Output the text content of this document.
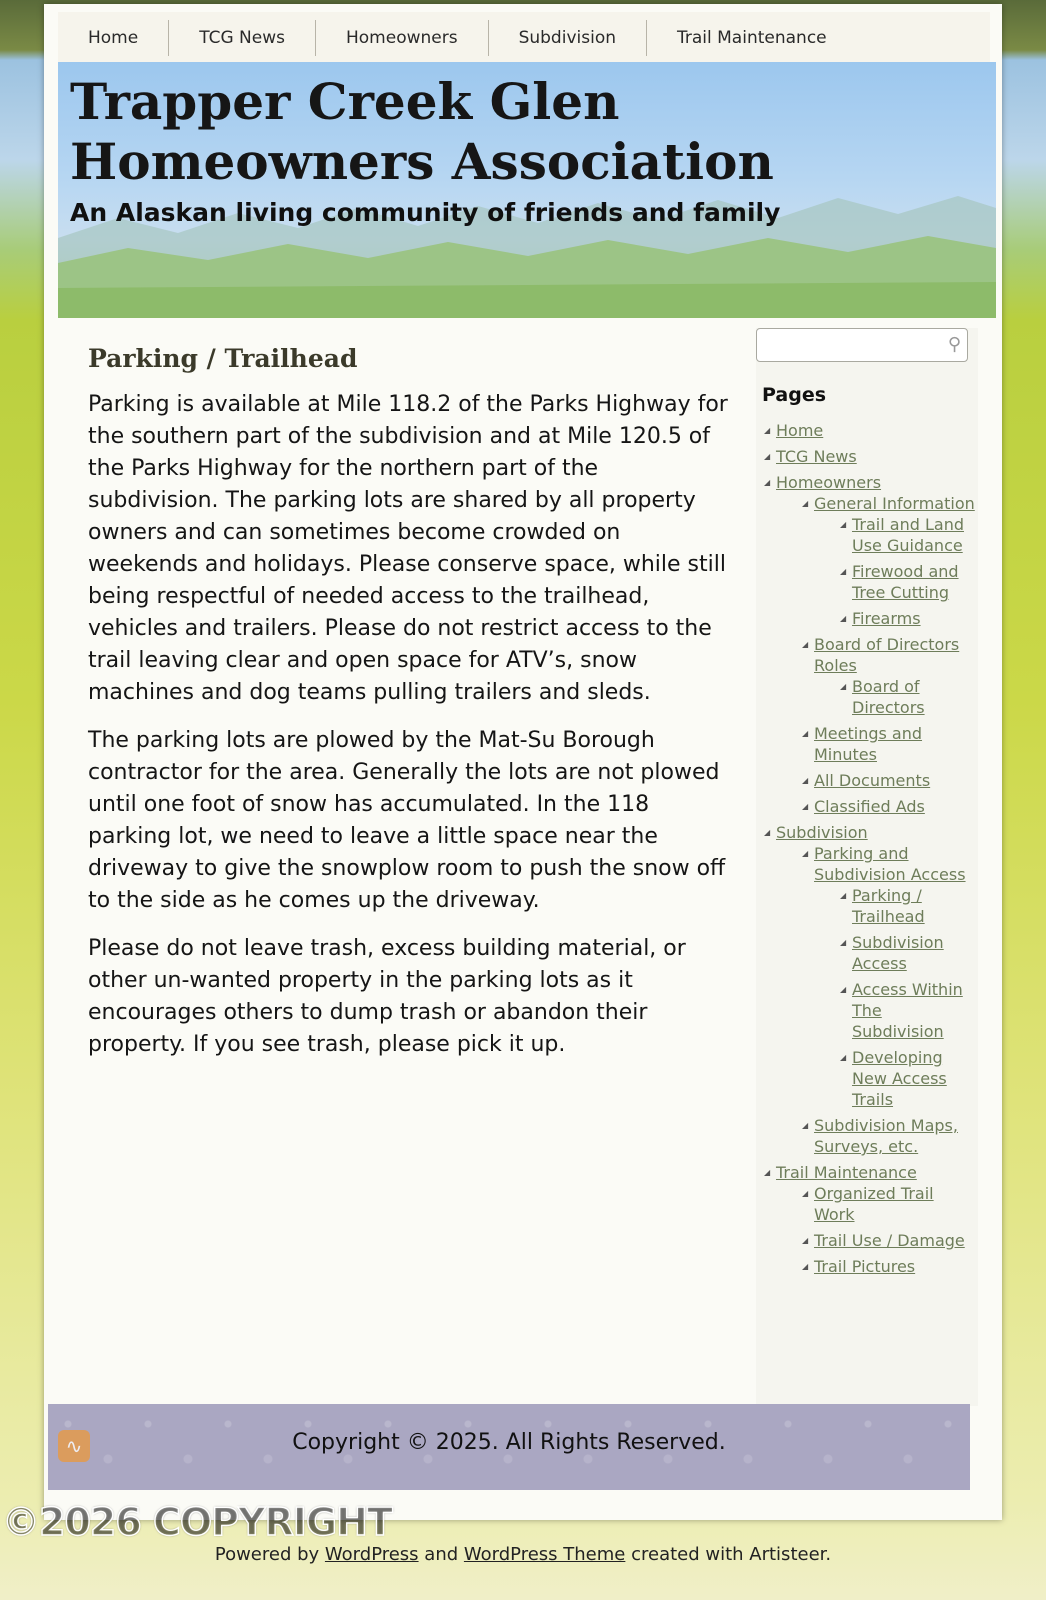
Home	TCG News	Homeowners	Subdivision	Trail Maintenance
Trapper Creek Glen Homeowners Association

An Alaskan living community of friends and family

Parking / Trailhead

Parking is available at Mile 118.2 of the Parks Highway for the southern part of the subdivision and at Mile 120.5 of the Parks Highway for the northern part of the subdivision. The parking lots are shared by all property owners and can sometimes become crowded on weekends and holidays. Please conserve space, while still being respectful of needed access to the trailhead, vehicles and trailers. Please do not restrict access to the trail leaving clear and open space for ATV’s, snow machines and dog teams pulling trailers and sleds.

The parking lots are plowed by the Mat-Su Borough contractor for the area. Generally the lots are not plowed until one foot of snow has accumulated. In the 118 parking lot, we need to leave a little space near the driveway to give the snowplow room to push the snow off to the side as he comes up the driveway.

Please do not leave trash, excess building material, or other un-wanted property in the parking lots as it encourages others to dump trash or abandon their property. If you see trash, please pick it up.

⚲
Pages
◢ Home
◢ TCG News
◢ Homeowners
◢ General Information
◢ Trail and Land Use Guidance
◢ Firewood and Tree Cutting
◢ Firearms
◢ Board of Directors Roles
◢ Board of Directors
◢ Meetings and Minutes
◢ All Documents
◢ Classified Ads
◢ Subdivision
◢ Parking and Subdivision Access
◢ Parking / Trailhead
◢ Subdivision Access
◢ Access Within The Subdivision
◢ Developing New Access Trails
◢ Subdivision Maps, Surveys, etc.
◢ Trail Maintenance
◢ Organized Trail Work
◢ Trail Use / Damage
◢ Trail Pictures
∿	Copyright © 2025. All Rights Reserved.
Powered by WordPress and WordPress Theme created with Artisteer.
©2026 COPYRIGHT
